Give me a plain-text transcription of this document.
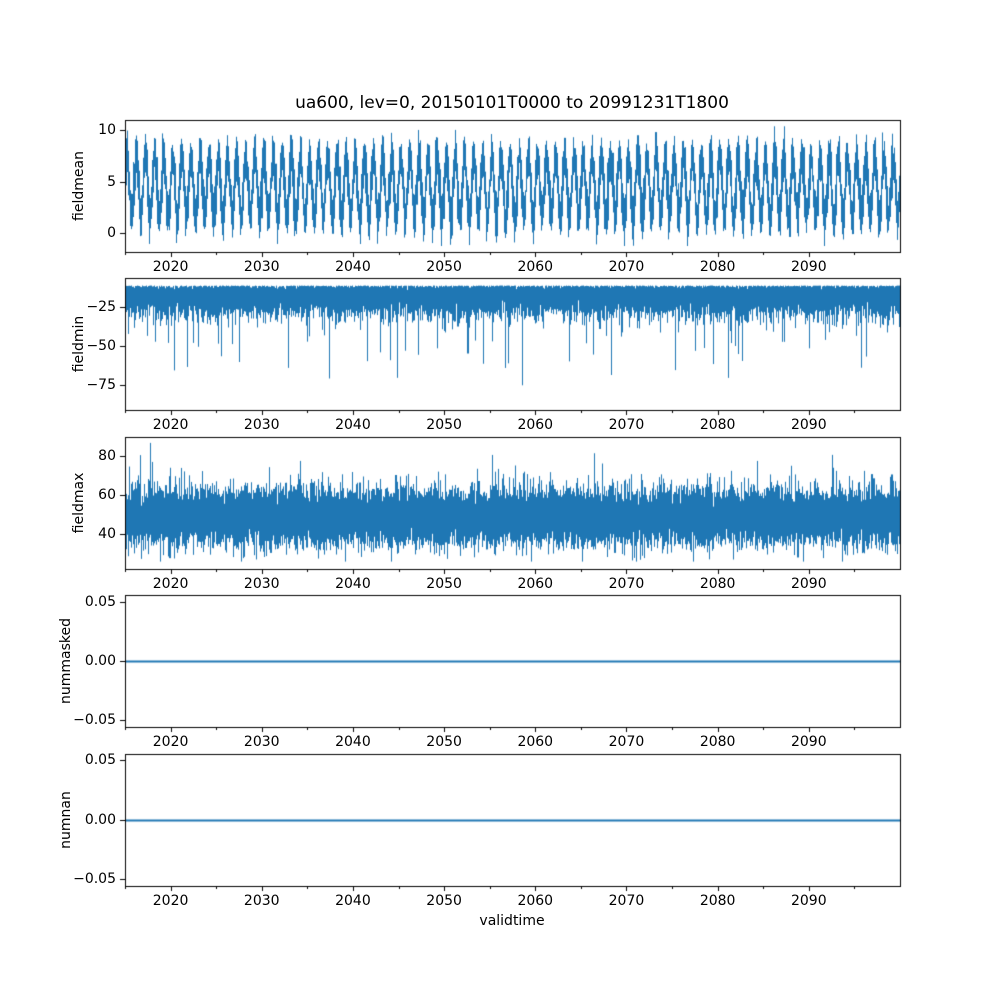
ua600, lev=0, 20150101T0000 to 20991231T1800
fieldmean
fieldmin
fieldmax
nummasked
numnan
validtime
10
5
0
2020	2030	2040	2050	2060	2070	2080	2090
−25
−50
−75
2020	2030	2040	2050	2060	2070	2080	2090
80
60
40
2020	2030	2040	2050	2060	2070	2080	2090
0.05
0.00
−0.05
2020	2030	2040	2050	2060	2070	2080	2090
0.05
0.00
−0.05
2020	2030	2040	2050	2060	2070	2080	2090
